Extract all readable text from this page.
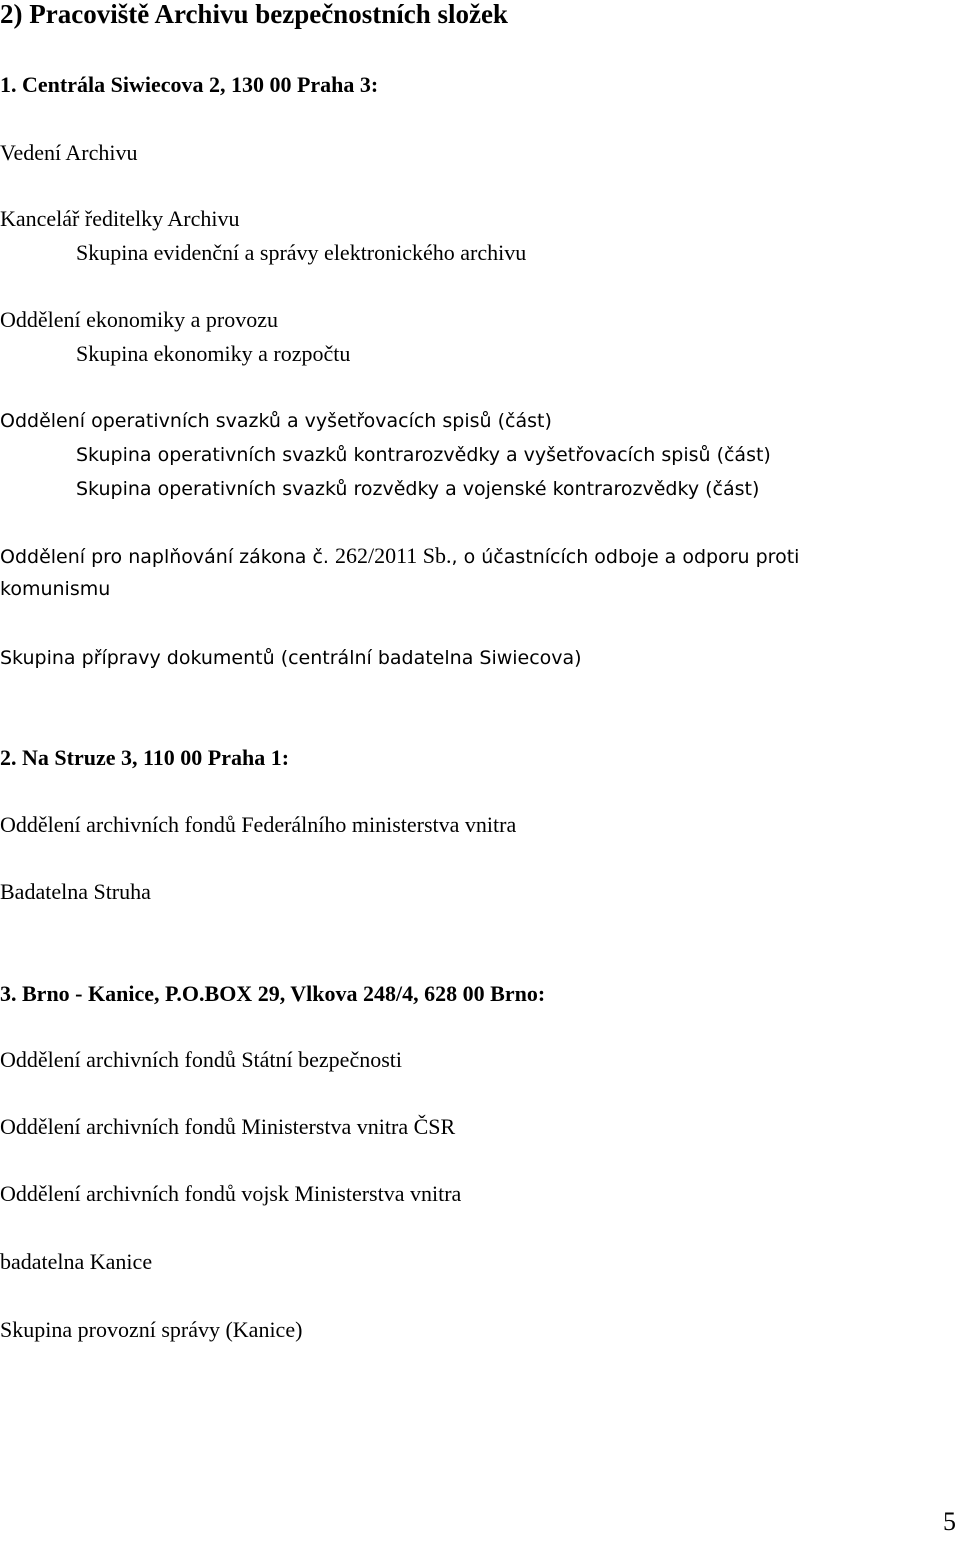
2) Pracoviště Archivu bezpečnostních složek
1. Centrála Siwiecova 2, 130 00 Praha 3:
Vedení Archivu
Kancelář ředitelky Archivu
Skupina evidenční a správy elektronického archivu
Oddělení ekonomiky a provozu
Skupina ekonomiky a rozpočtu
Oddělení operativních svazků a vyšetřovacích spisů (část)
Skupina operativních svazků kontrarozvědky a vyšetřovacích spisů (část)
Skupina operativních svazků rozvědky a vojenské kontrarozvědky (část)
Oddělení pro naplňování zákona č. 262/2011 Sb., o účastnících odboje a odporu proti
komunismu
Skupina přípravy dokumentů (centrální badatelna Siwiecova)
2. Na Struze 3, 110 00 Praha 1:
Oddělení archivních fondů Federálního ministerstva vnitra
Badatelna Struha
3. Brno - Kanice, P.O.BOX 29, Vlkova 248/4, 628 00 Brno:
Oddělení archivních fondů Státní bezpečnosti
Oddělení archivních fondů Ministerstva vnitra ČSR
Oddělení archivních fondů vojsk Ministerstva vnitra
badatelna Kanice
Skupina provozní správy (Kanice)
5
